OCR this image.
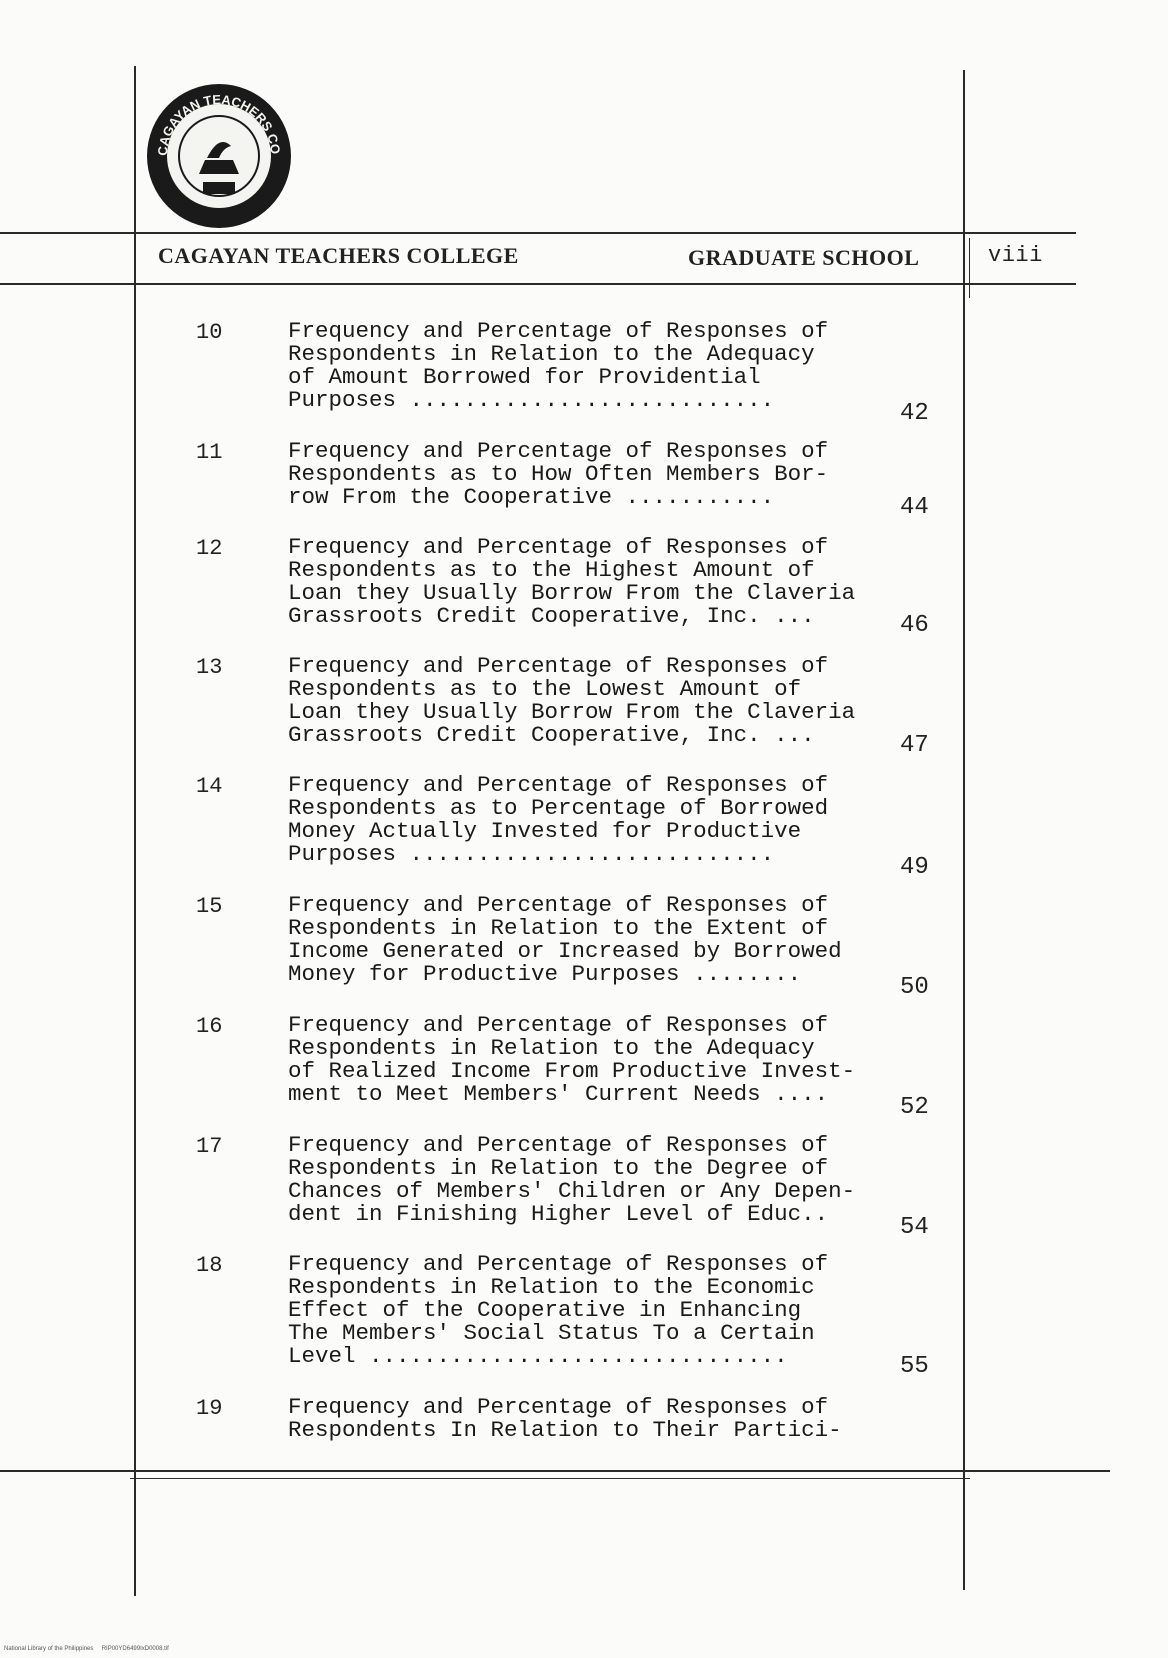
CAGAYAN TEACHERS CO
CAGAYAN TEACHERS COLLEGE	GRADUATE SCHOOL	viii
10	Frequency and Percentage of Responses of
Respondents in Relation to the Adequacy
of Amount Borrowed for Providential
Purposes ...........................	42
11	Frequency and Percentage of Responses of
Respondents as to How Often Members Bor-
row From the Cooperative ...........	44
12	Frequency and Percentage of Responses of
Respondents as to the Highest Amount of
Loan they Usually Borrow From the Claveria
Grassroots Credit Cooperative, Inc. ...	46
13	Frequency and Percentage of Responses of
Respondents as to the Lowest Amount of
Loan they Usually Borrow From the Claveria
Grassroots Credit Cooperative, Inc. ...	47
14	Frequency and Percentage of Responses of
Respondents as to Percentage of Borrowed
Money Actually Invested for Productive
Purposes ...........................	49
15	Frequency and Percentage of Responses of
Respondents in Relation to the Extent of
Income Generated or Increased by Borrowed
Money for Productive Purposes ........	50
16	Frequency and Percentage of Responses of
Respondents in Relation to the Adequacy
of Realized Income From Productive Invest-
ment to Meet Members' Current Needs ....	52
17	Frequency and Percentage of Responses of
Respondents in Relation to the Degree of
Chances of Members' Children or Any Depen-
dent in Finishing Higher Level of Educ..	54
18	Frequency and Percentage of Responses of
Respondents in Relation to the Economic
Effect of the Cooperative in Enhancing
The Members' Social Status To a Certain
Level ...............................	55
19	Frequency and Percentage of Responses of
Respondents In Relation to Their Partici-
National Library of the Philippines     RIP00YD6499IxD0008.tif
